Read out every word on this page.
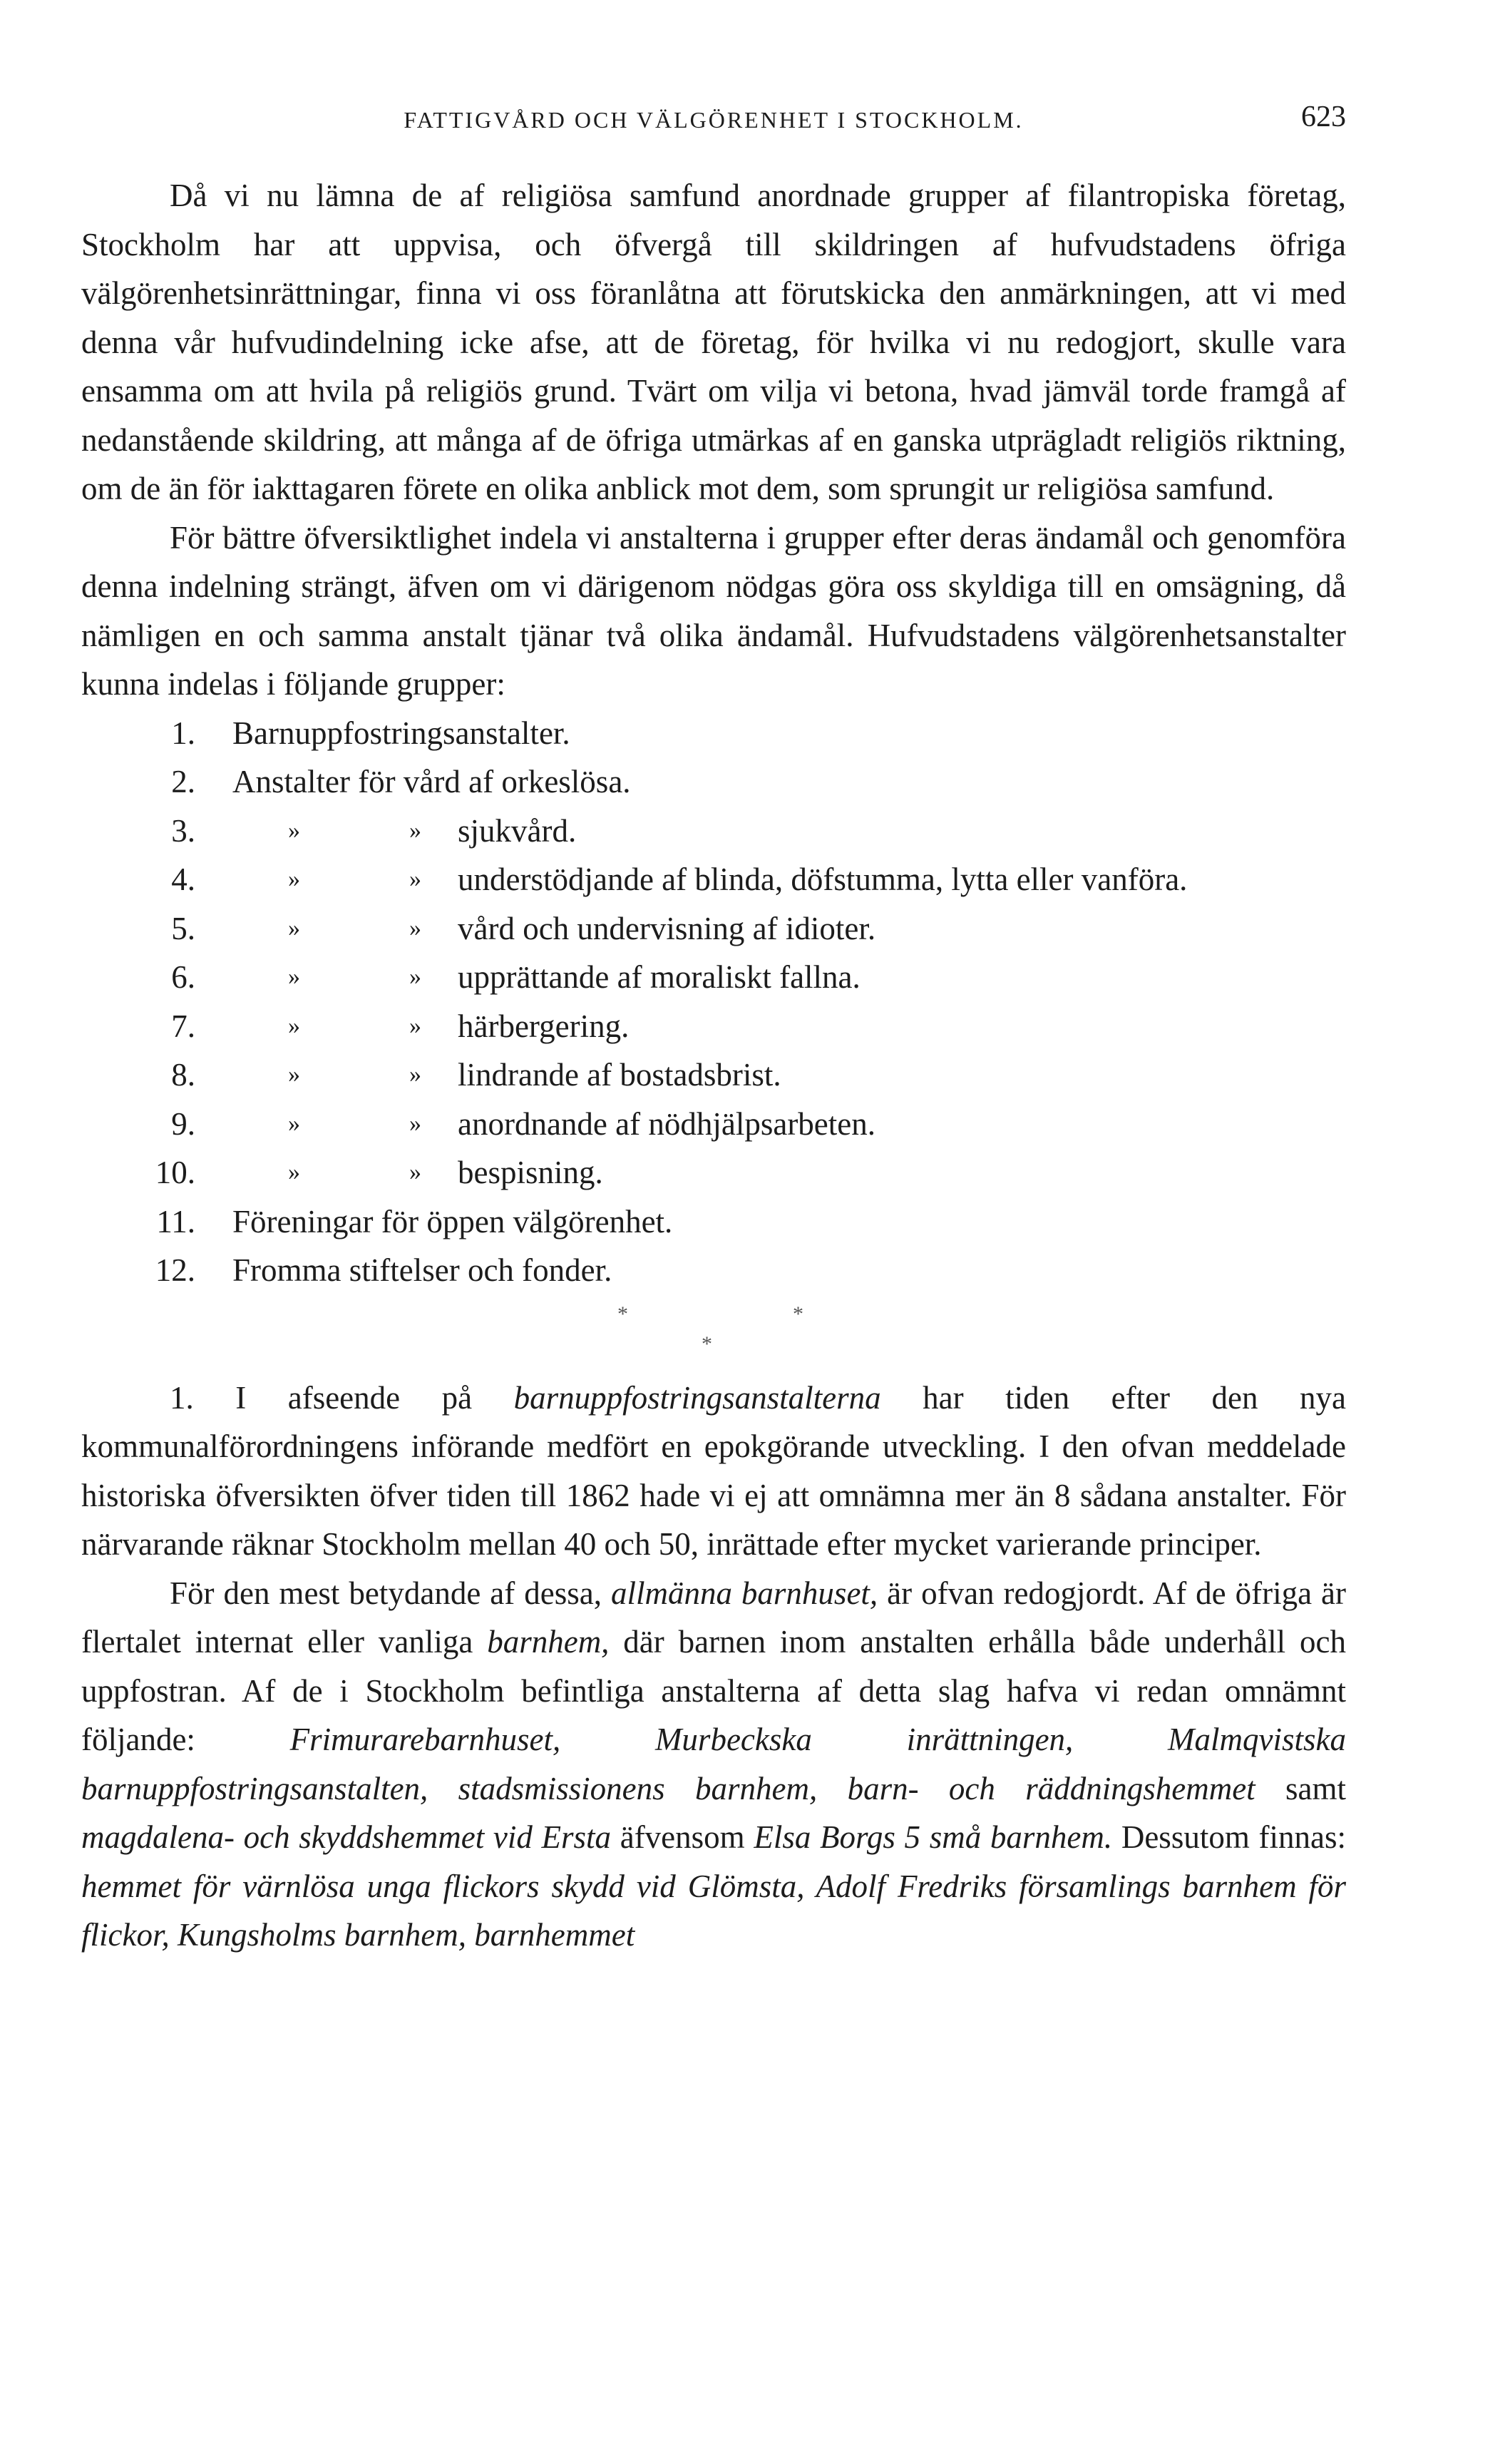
FATTIGVÅRD OCH VÄLGÖRENHET I STOCKHOLM.	623

Då vi nu lämna de af religiösa samfund anordnade grupper af filantropiska företag, Stockholm har att uppvisa, och öfvergå till skildringen af hufvudstadens öfriga välgörenhetsinrättningar, finna vi oss föranlåtna att förutskicka den anmärkningen, att vi med denna vår hufvudindelning icke afse, att de företag, för hvilka vi nu redogjort, skulle vara ensamma om att hvila på religiös grund. Tvärt om vilja vi betona, hvad jämväl torde framgå af nedanstående skildring, att många af de öfriga utmärkas af en ganska utprägladt religiös riktning, om de än för iakttagaren förete en olika anblick mot dem, som sprungit ur religiösa samfund.

För bättre öfversiktlighet indela vi anstalterna i grupper efter deras ändamål och genomföra denna indelning strängt, äfven om vi därigenom nödgas göra oss skyldiga till en omsägning, då nämligen en och samma anstalt tjänar två olika ändamål. Hufvudstadens välgörenhetsanstalter kunna indelas i följande grupper:

1. Barnuppfostringsanstalter.
2. Anstalter för vård af orkeslösa.
3.	»	» sjukvård.
4.	»	» understödjande af blinda, döfstumma, lytta eller vanföra.
5.	»	» vård och undervisning af idioter.
6.	»	» upprättande af moraliskt fallna.
7.	»	» härbergering.
8.	»	» lindrande af bostadsbrist.
9.	»	» anordnande af nödhjälpsarbeten.
10.	»	» bespisning.
11. Föreningar för öppen välgörenhet.
12. Fromma stiftelser och fonder.
*	*
*

1. I afseende på barnuppfostringsanstalterna har tiden efter den nya kommunalförordningens införande medfört en epokgörande utveckling. I den ofvan meddelade historiska öfversikten öfver tiden till 1862 hade vi ej att omnämna mer än 8 sådana anstalter. För närvarande räknar Stockholm mellan 40 och 50, inrättade efter mycket varierande principer.

För den mest betydande af dessa, allmänna barnhuset, är ofvan redogjordt. Af de öfriga är flertalet internat eller vanliga barnhem, där barnen inom anstalten erhålla både underhåll och uppfostran. Af de i Stockholm befintliga anstalterna af detta slag hafva vi redan omnämnt följande: Frimurarebarnhuset, Murbeckska inrättningen, Malmqvistska barnuppfostringsanstalten, stadsmissionens barnhem, barn- och räddningshemmet samt magdalena- och skyddshemmet vid Ersta äfvensom Elsa Borgs 5 små barnhem. Dessutom finnas: hemmet för värnlösa unga flickors skydd vid Glömsta, Adolf Fredriks församlings barnhem för flickor, Kungsholms barnhem, barnhemmet
